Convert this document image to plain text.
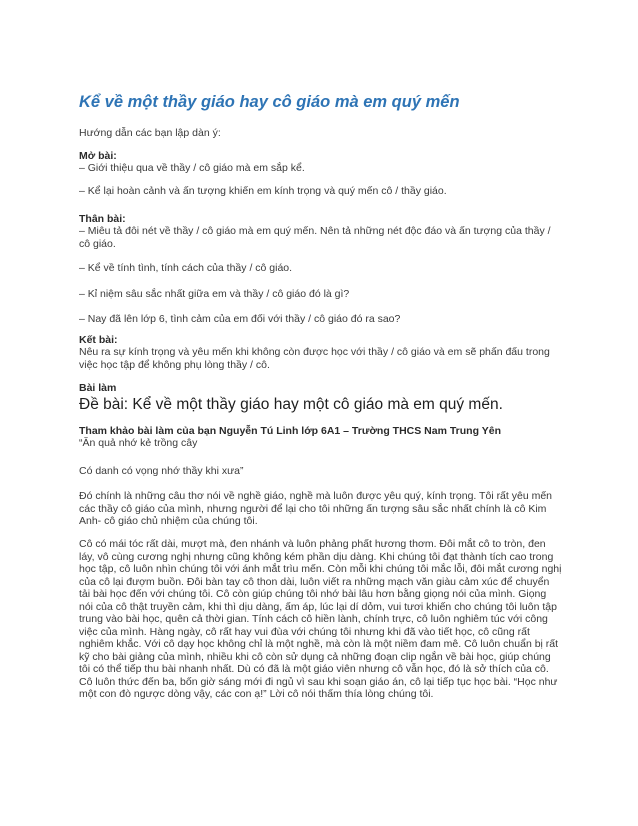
Kể về một thầy giáo hay cô giáo mà em quý mến

Hướng dẫn các bạn lập dàn ý:

Mở bài:

– Giới thiệu qua về thầy / cô giáo mà em sắp kể.

– Kể lại hoàn cảnh và ấn tượng khiến em kính trọng và quý mến cô / thầy giáo.

Thân bài:

– Miêu tả đôi nét về thầy / cô giáo mà em quý mến. Nên tả những nét độc đáo và ấn tượng của thầy / cô giáo.

– Kể về tính tình, tính cách của thầy / cô giáo.

– Kỉ niệm sâu sắc nhất giữa em và thầy / cô giáo đó là gì?

– Nay đã lên lớp 6, tình cảm của em đối với thầy / cô giáo đó ra sao?

Kết bài:

Nêu ra sự kính trọng và yêu mến khi không còn được học với thầy / cô giáo và em sẽ phấn đấu trong việc học tập để không phụ lòng thầy / cô.

Bài làm

Đề bài: Kể về một thầy giáo hay một cô giáo mà em quý mến.

Tham khảo bài làm của bạn Nguyễn Tú Linh lớp 6A1 – Trường THCS Nam Trung Yên

“Ăn quả nhớ kẻ trồng cây

Có danh có vọng nhớ thầy khi xưa”

Đó chính là những câu thơ nói về nghề giáo, nghề mà luôn được yêu quý, kính trọng. Tôi rất yêu mến các thầy cô giáo của mình, nhưng người để lại cho tôi những ấn tượng sâu sắc nhất chính là cô Kim Anh- cô giáo chủ nhiệm của chúng tôi.

Cô có mái tóc rất dài, mượt mà, đen nhánh và luôn phảng phất hương thơm. Đôi mắt cô to tròn, đen láy, vô cùng cương nghị nhưng cũng không kém phần dịu dàng. Khi chúng tôi đạt thành tích cao trong học tập, cô luôn nhìn chúng tôi với ánh mắt trìu mến. Còn mỗi khi chúng tôi mắc lỗi, đôi mắt cương nghị của cô lại đượm buồn. Đôi bàn tay cô thon dài, luôn viết ra những mạch văn giàu cảm xúc để chuyển tải bài học đến với chúng tôi. Cô còn giúp chúng tôi nhớ bài lâu hơn bằng giọng nói của mình. Giọng nói của cô thật truyền cảm, khi thì dịu dàng, ấm áp, lúc lại dí dỏm, vui tươi khiến cho chúng tôi luôn tập trung vào bài học, quên cả thời gian. Tính cách cô hiền lành, chính trực, cô luôn nghiêm túc với công việc của mình. Hàng ngày, cô rất hay vui đùa với chúng tôi nhưng khi đã vào tiết học, cô cũng rất nghiêm khắc. Với cô dạy học không chỉ là một nghề, mà còn là một niềm đam mê. Cô luôn chuẩn bị rất kỹ cho bài giảng của mình, nhiều khi cô còn sử dụng cả những đoạn clip ngắn về bài học, giúp chúng tôi có thể tiếp thu bài nhanh nhất. Dù có đã là một giáo viên nhưng cô vẫn học, đó là sở thích của cô. Cô luôn thức đến ba, bốn giờ sáng mới đi ngủ vì sau khi soạn giáo án, cô lại tiếp tục học bài. “Học như một con đò ngược dòng vậy, các con ạ!” Lời cô nói thấm thía lòng chúng tôi.
